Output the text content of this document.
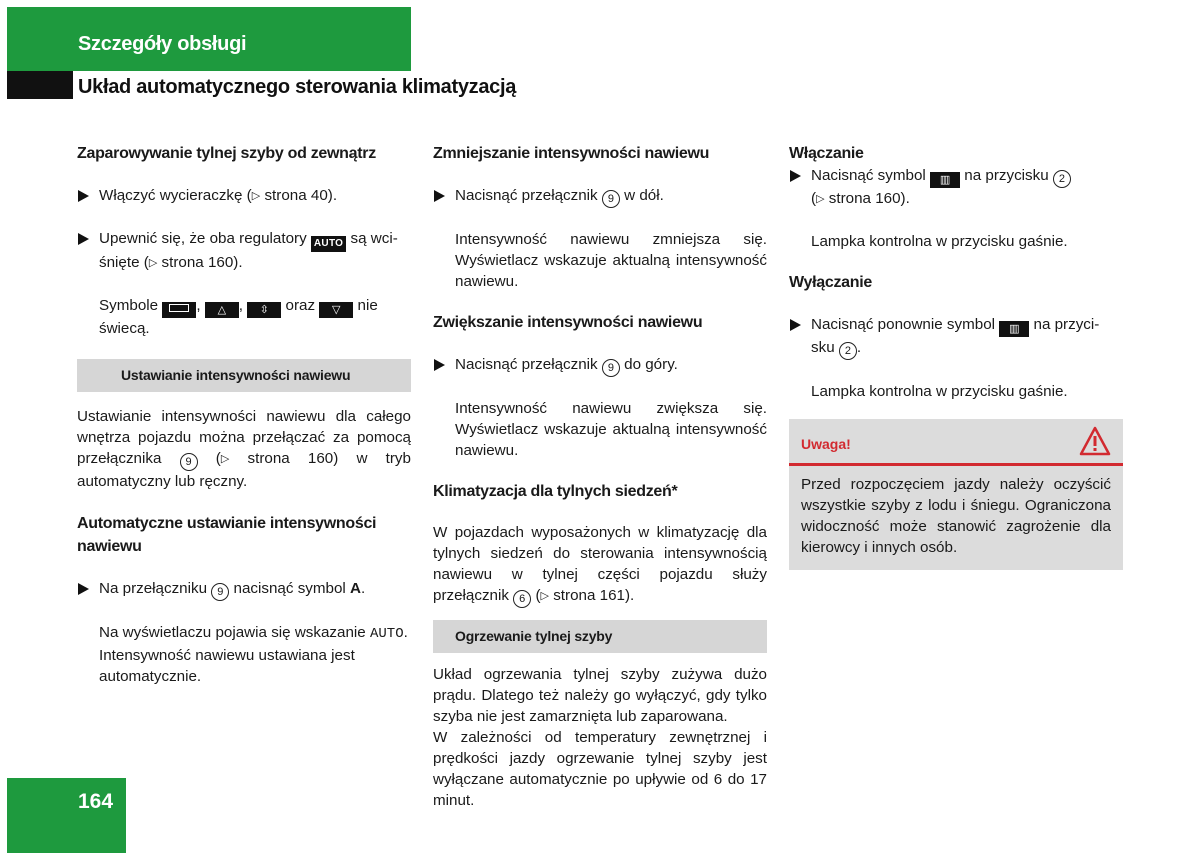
Szczegóły obsługi
Układ automatycznego sterowania klimatyzacją
Zaparowywanie tylnej szyby od zewnątrz
Włączyć wycieraczkę (▷ strona 40).
Upewnić się, że oba regulatory AUTO są wci-
śnięte (▷ strona 160).
Symbole	, △ , ⇳ oraz ▽ nie
świecą.
Ustawianie intensywności nawiewu
Ustawianie intensywności nawiewu dla całego wnętrza pojazdu można przełączać za pomocą przełącznika 9 (▷ strona 160) w tryb automatyczny lub ręczny.
Automatyczne ustawianie intensywności nawiewu
Na przełączniku 9 nacisnąć symbol A.
Na wyświetlaczu pojawia się wskazanie AUTO.
Intensywność nawiewu ustawiana jest automatycznie.
Zmniejszanie intensywności nawiewu
Nacisnąć przełącznik 9 w dół.
Intensywność nawiewu zmniejsza się. Wyświetlacz wskazuje aktualną intensywność nawiewu.
Zwiększanie intensywności nawiewu
Nacisnąć przełącznik 9 do góry.
Intensywność nawiewu zwiększa się. Wyświetlacz wskazuje aktualną intensywność nawiewu.
Klimatyzacja dla tylnych siedzeń*
W pojazdach wyposażonych w klimatyzację dla tylnych siedzeń do sterowania intensywnością nawiewu w tylnej części pojazdu służy przełącznik 6 (▷ strona 161).
Ogrzewanie tylnej szyby
Układ ogrzewania tylnej szyby zużywa dużo prądu. Dlatego też należy go wyłączyć, gdy tylko szyba nie jest zamarznięta lub zaparowana.
W zależności od temperatury zewnętrznej i prędkości jazdy ogrzewanie tylnej szyby jest wyłączane automatycznie po upływie od 6 do 17 minut.
Włączanie
Nacisnąć symbol ▥ na przycisku 2
(▷ strona 160).
Lampka kontrolna w przycisku gaśnie.
Wyłączanie
Nacisnąć ponownie symbol ▥ na przyci-
sku 2 .
Lampka kontrolna w przycisku gaśnie.
Uwaga!
Przed rozpoczęciem jazdy należy oczyścić wszystkie szyby z lodu i śniegu. Ograniczona widoczność może stanowić zagrożenie dla kierowcy i innych osób.
164
